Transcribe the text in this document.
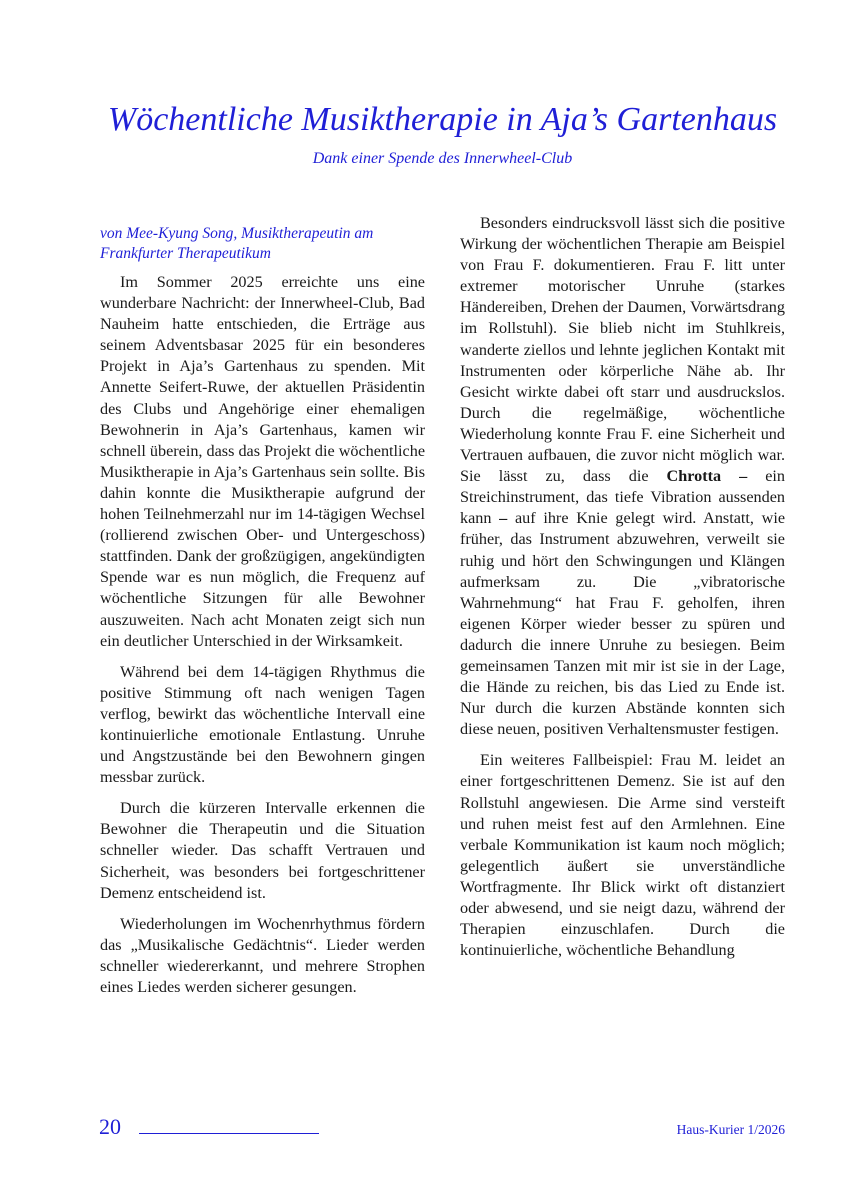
Wöchentliche Musiktherapie in Aja’s Gartenhaus
Dank einer Spende des Innerwheel-Club
von Mee-Kyung Song, Musiktherapeutin am Frankfurter Therapeutikum

Im Sommer 2025 erreichte uns eine wunderbare Nachricht: der Innerwheel-Club, Bad Nauheim hatte entschieden, die Erträge aus seinem Adventsbasar 2025 für ein besonderes Projekt in Aja’s Gartenhaus zu spenden. Mit Annette Seifert-Ruwe, der aktuellen Präsidentin des Clubs und Angehörige einer ehemaligen Bewohnerin in Aja’s Gartenhaus, kamen wir schnell überein, dass das Projekt die wöchentliche Musiktherapie in Aja’s Gartenhaus sein sollte. Bis dahin konnte die Musiktherapie aufgrund der hohen Teilnehmerzahl nur im 14-tägigen Wechsel (rollierend zwischen Ober- und Untergeschoss) stattfinden. Dank der großzügigen, angekündigten Spende war es nun möglich, die Frequenz auf wöchentliche Sitzungen für alle Bewohner auszuweiten. Nach acht Monaten zeigt sich nun ein deutlicher Unterschied in der Wirksamkeit.

Während bei dem 14-tägigen Rhythmus die positive Stimmung oft nach wenigen Tagen verflog, bewirkt das wöchentliche Intervall eine kontinuierliche emotionale Entlastung. Unruhe und Angstzustände bei den Bewohnern gingen messbar zurück.

Durch die kürzeren Intervalle erkennen die Bewohner die Therapeutin und die Situation schneller wieder. Das schafft Vertrauen und Sicherheit, was besonders bei fortgeschrittener Demenz entscheidend ist.

Wiederholungen im Wochenrhythmus fördern das „Musikalische Gedächtnis“. Lieder werden schneller wiedererkannt, und mehrere Strophen eines Liedes werden sicherer gesungen.

Besonders eindrucksvoll lässt sich die positive Wirkung der wöchentlichen Therapie am Beispiel von Frau F. dokumentieren. Frau F. litt unter extremer motorischer Unruhe (starkes Händereiben, Drehen der Daumen, Vorwärtsdrang im Rollstuhl). Sie blieb nicht im Stuhlkreis, wanderte ziellos und lehnte jeglichen Kontakt mit Instrumenten oder körperliche Nähe ab. Ihr Gesicht wirkte dabei oft starr und ausdruckslos. Durch die regelmäßige, wöchentliche Wiederholung konnte Frau F. eine Sicherheit und Vertrauen aufbauen, die zuvor nicht möglich war. Sie lässt zu, dass die Chrotta – ein Streichinstrument, das tiefe Vibration aussenden kann – auf ihre Knie gelegt wird. Anstatt, wie früher, das Instrument abzuwehren, verweilt sie ruhig und hört den Schwingungen und Klängen aufmerksam zu. Die „vibratorische Wahrnehmung“ hat Frau F. geholfen, ihren eigenen Körper wieder besser zu spüren und dadurch die innere Unruhe zu besiegen. Beim gemeinsamen Tanzen mit mir ist sie in der Lage, die Hände zu reichen, bis das Lied zu Ende ist. Nur durch die kurzen Abstände konnten sich diese neuen, positiven Verhaltensmuster festigen.

Ein weiteres Fallbeispiel: Frau M. leidet an einer fortgeschrittenen Demenz. Sie ist auf den Rollstuhl angewiesen. Die Arme sind versteift und ruhen meist fest auf den Armlehnen. Eine verbale Kommunikation ist kaum noch möglich; gelegentlich äußert sie unverständliche Wortfragmente. Ihr Blick wirkt oft distanziert oder abwesend, und sie neigt dazu, während der Therapien einzuschlafen. Durch die kontinuierliche, wöchentliche Behandlung

20	Haus-Kurier 1/2026
